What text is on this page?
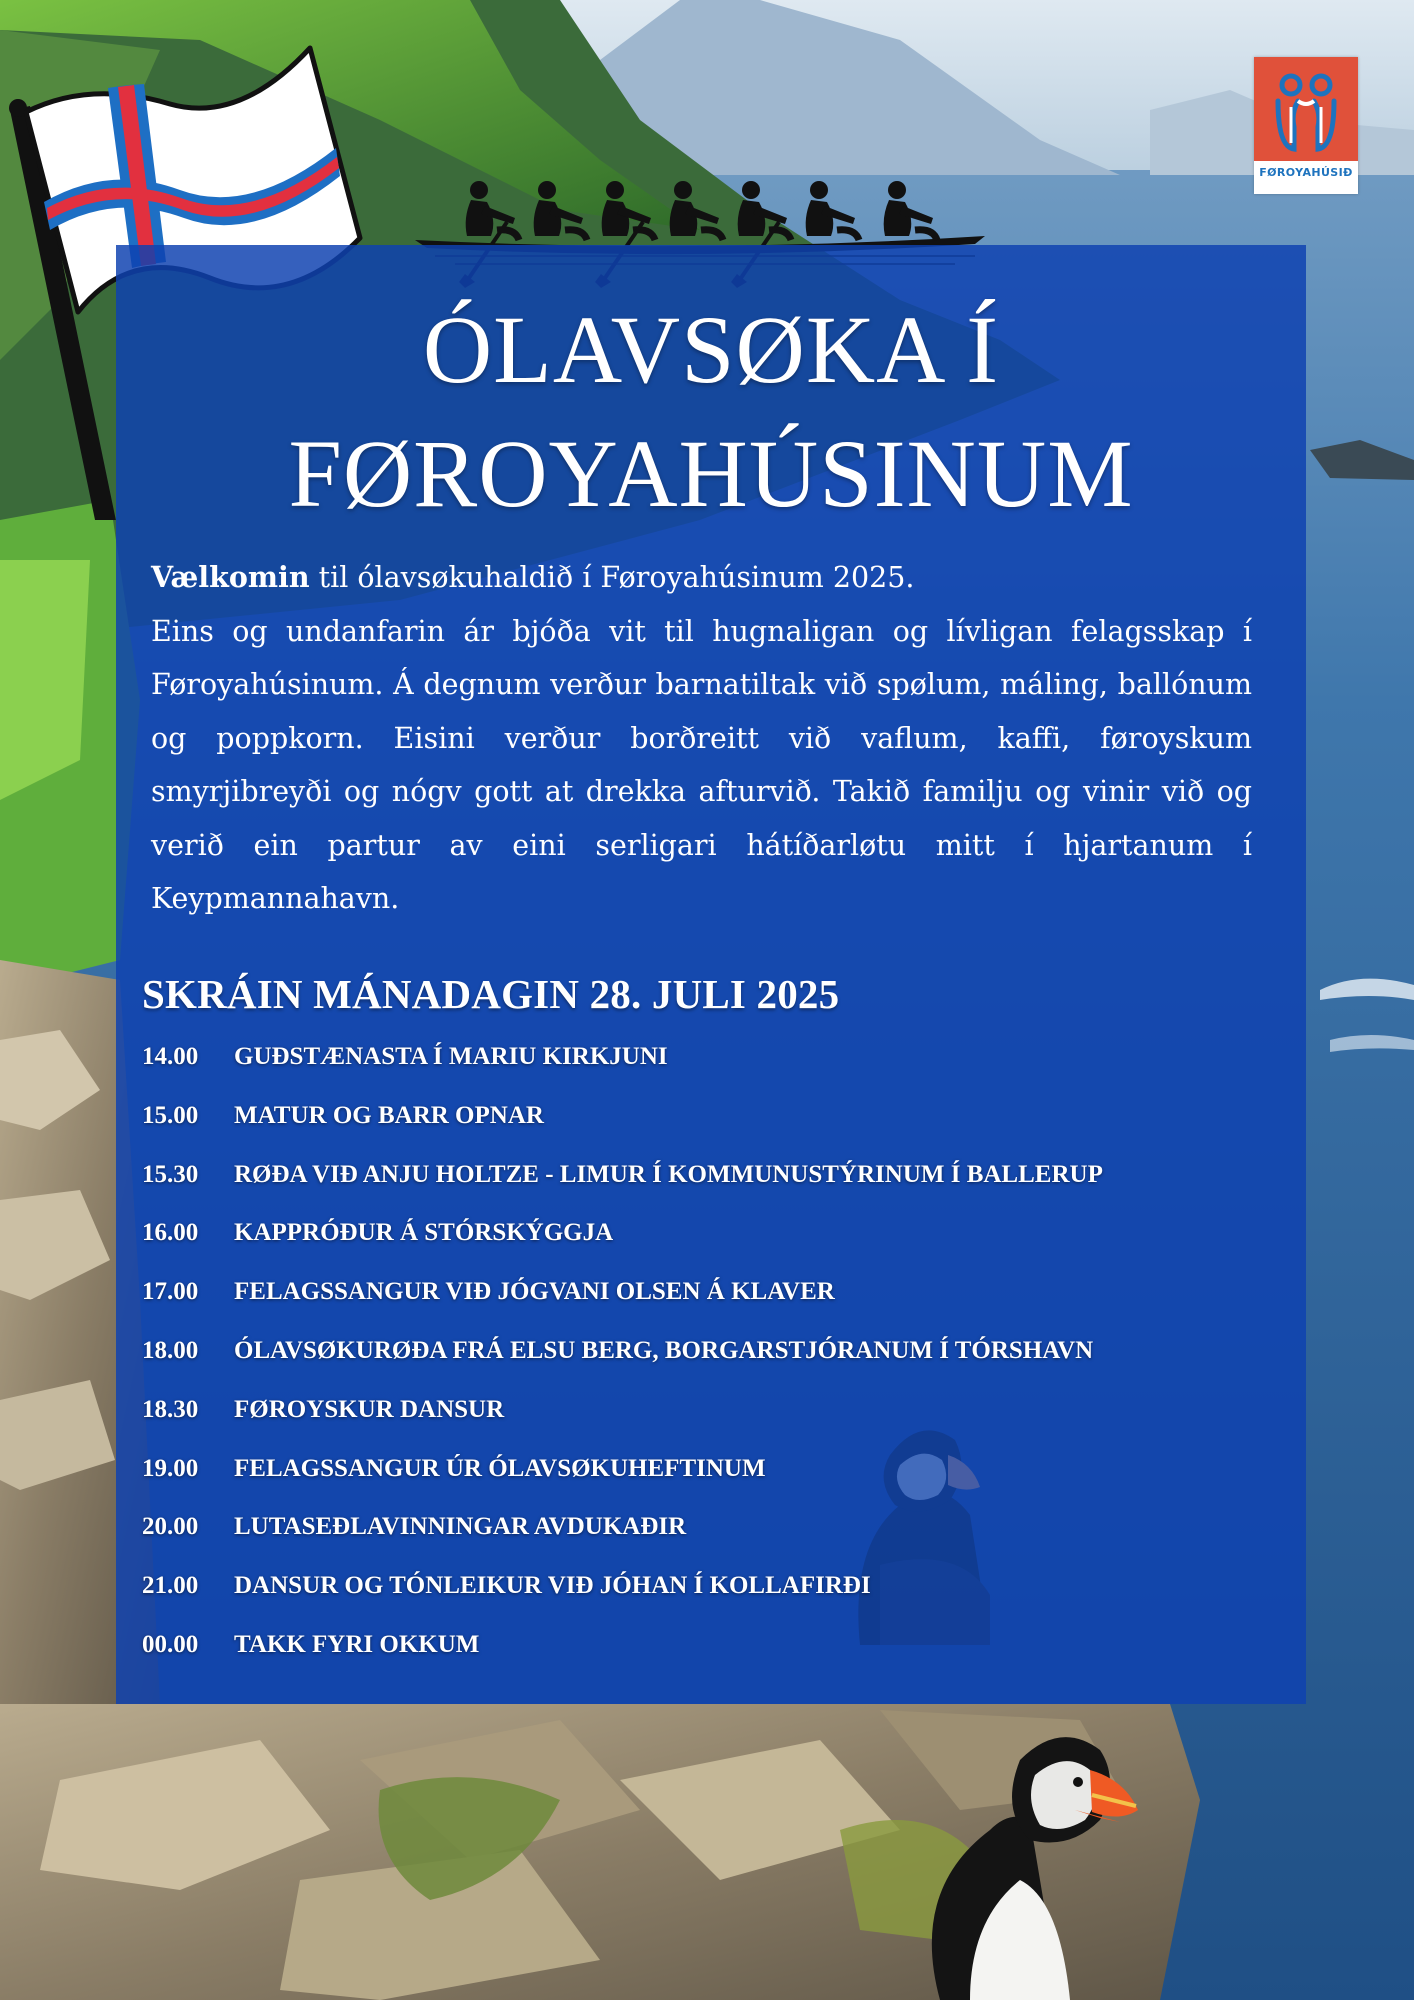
FØROYAHÚSIÐ
ÓLAVSØKA Í
FØROYAHÚSINUM

Vælkomin til ólavsøkuhaldið í Føroyahúsinum 2025.

Eins og undanfarin ár bjóða vit til hugnaligan og lívligan felagsskap í Føroyahúsinum. Á degnum verður barnatiltak við spølum, máling, ballónum og poppkorn. Eisini verður borðreitt við vaflum, kaffi, føroyskum smyrjibreyði og nógv gott at drekka afturvið. Takið familju og vinir við og verið ein partur av eini serligari hátíðarløtu mitt í hjartanum í Keypmannahavn.

SKRÁIN MÁNADAGIN 28. JULI 2025
14.00 GUÐSTÆNASTA Í MARIU KIRKJUNI
15.00 MATUR OG BARR OPNAR
15.30 RØÐA VIÐ ANJU HOLTZE - LIMUR Í KOMMUNUSTÝRINUM Í BALLERUP
16.00 KAPPRÓÐUR Á STÓRSKÝGGJA
17.00 FELAGSSANGUR VIÐ JÓGVANI OLSEN Á KLAVER
18.00 ÓLAVSØKURØÐA FRÁ ELSU BERG, BORGARSTJÓRANUM Í TÓRSHAVN
18.30 FØROYSKUR DANSUR
19.00 FELAGSSANGUR ÚR ÓLAVSØKUHEFTINUM
20.00 LUTASEÐLAVINNINGAR AVDUKAÐIR
21.00 DANSUR OG TÓNLEIKUR VIÐ JÓHAN Í KOLLAFIRÐI
00.00 TAKK FYRI OKKUM
